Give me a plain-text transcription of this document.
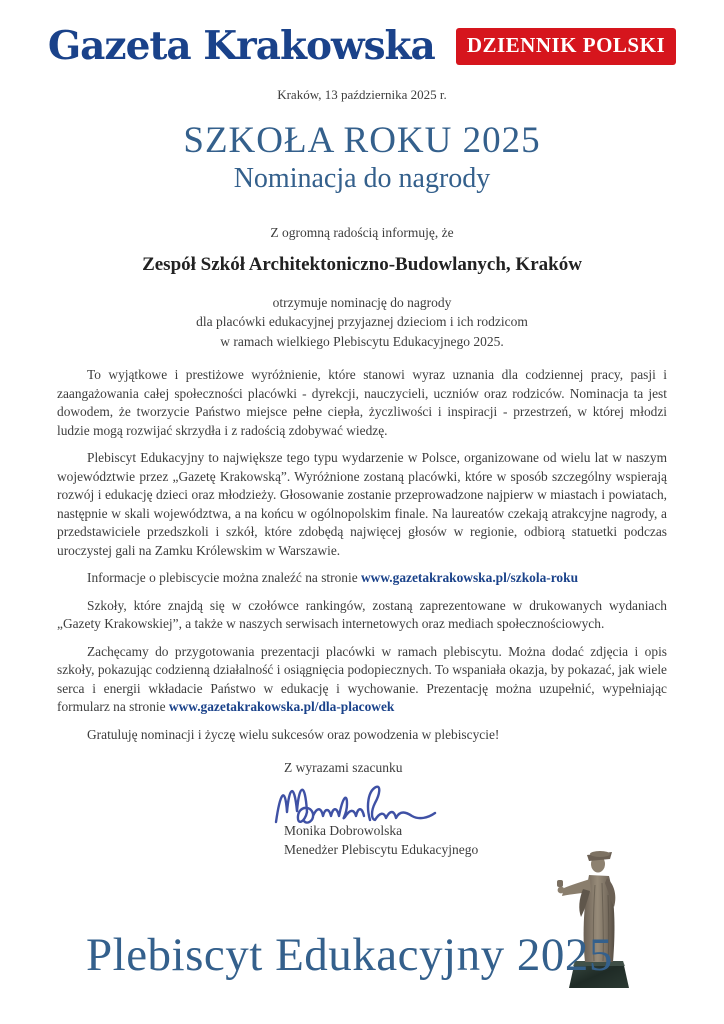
Gazeta Krakowska	DZIENNIK POLSKI
Kraków, 13 października 2025 r.
SZKOŁA ROKU 2025
Nominacja do nagrody
Z ogromną radością informuję, że
Zespół Szkół Architektoniczno-Budowlanych, Kraków
otrzymuje nominację do nagrody
dla placówki edukacyjnej przyjaznej dzieciom i ich rodzicom
w ramach wielkiego Plebiscytu Edukacyjnego 2025.

To wyjątkowe i prestiżowe wyróżnienie, które stanowi wyraz uznania dla codziennej pracy, pasji i zaangażowania całej społeczności placówki - dyrekcji, nauczycieli, uczniów oraz rodziców. Nominacja ta jest dowodem, że tworzycie Państwo miejsce pełne ciepła, życzliwości i inspiracji - przestrzeń, w której młodzi ludzie mogą rozwijać skrzydła i z radością zdobywać wiedzę.

Plebiscyt Edukacyjny to największe tego typu wydarzenie w Polsce, organizowane od wielu lat w naszym województwie przez „Gazetę Krakowską”. Wyróżnione zostaną placówki, które w sposób szczególny wspierają rozwój i edukację dzieci oraz młodzieży. Głosowanie zostanie przeprowadzone najpierw w miastach i powiatach, następnie w skali województwa, a na końcu w ogólnopolskim finale. Na laureatów czekają atrakcyjne nagrody, a przedstawiciele przedszkoli i szkół, które zdobędą najwięcej głosów w regionie, odbiorą statuetki podczas uroczystej gali na Zamku Królewskim w Warszawie.

Informacje o plebiscycie można znaleźć na stronie www.gazetakrakowska.pl/szkola-roku

Szkoły, które znajdą się w czołówce rankingów, zostaną zaprezentowane w drukowanych wydaniach „Gazety Krakowskiej”, a także w naszych serwisach internetowych oraz mediach społecznościowych.

Zachęcamy do przygotowania prezentacji placówki w ramach plebiscytu. Można dodać zdjęcia i opis szkoły, pokazując codzienną działalność i osiągnięcia podopiecznych. To wspaniała okazja, by pokazać, jak wiele serca i energii wkładacie Państwo w edukację i wychowanie. Prezentację można uzupełnić, wypełniając formularz na stronie www.gazetakrakowska.pl/dla-placowek

Gratuluję nominacji i życzę wielu sukcesów oraz powodzenia w plebiscycie!

Z wyrazami szacunku
Monika Dobrowolska
Menedżer Plebiscytu Edukacyjnego
Plebiscyt Edukacyjny 2025
